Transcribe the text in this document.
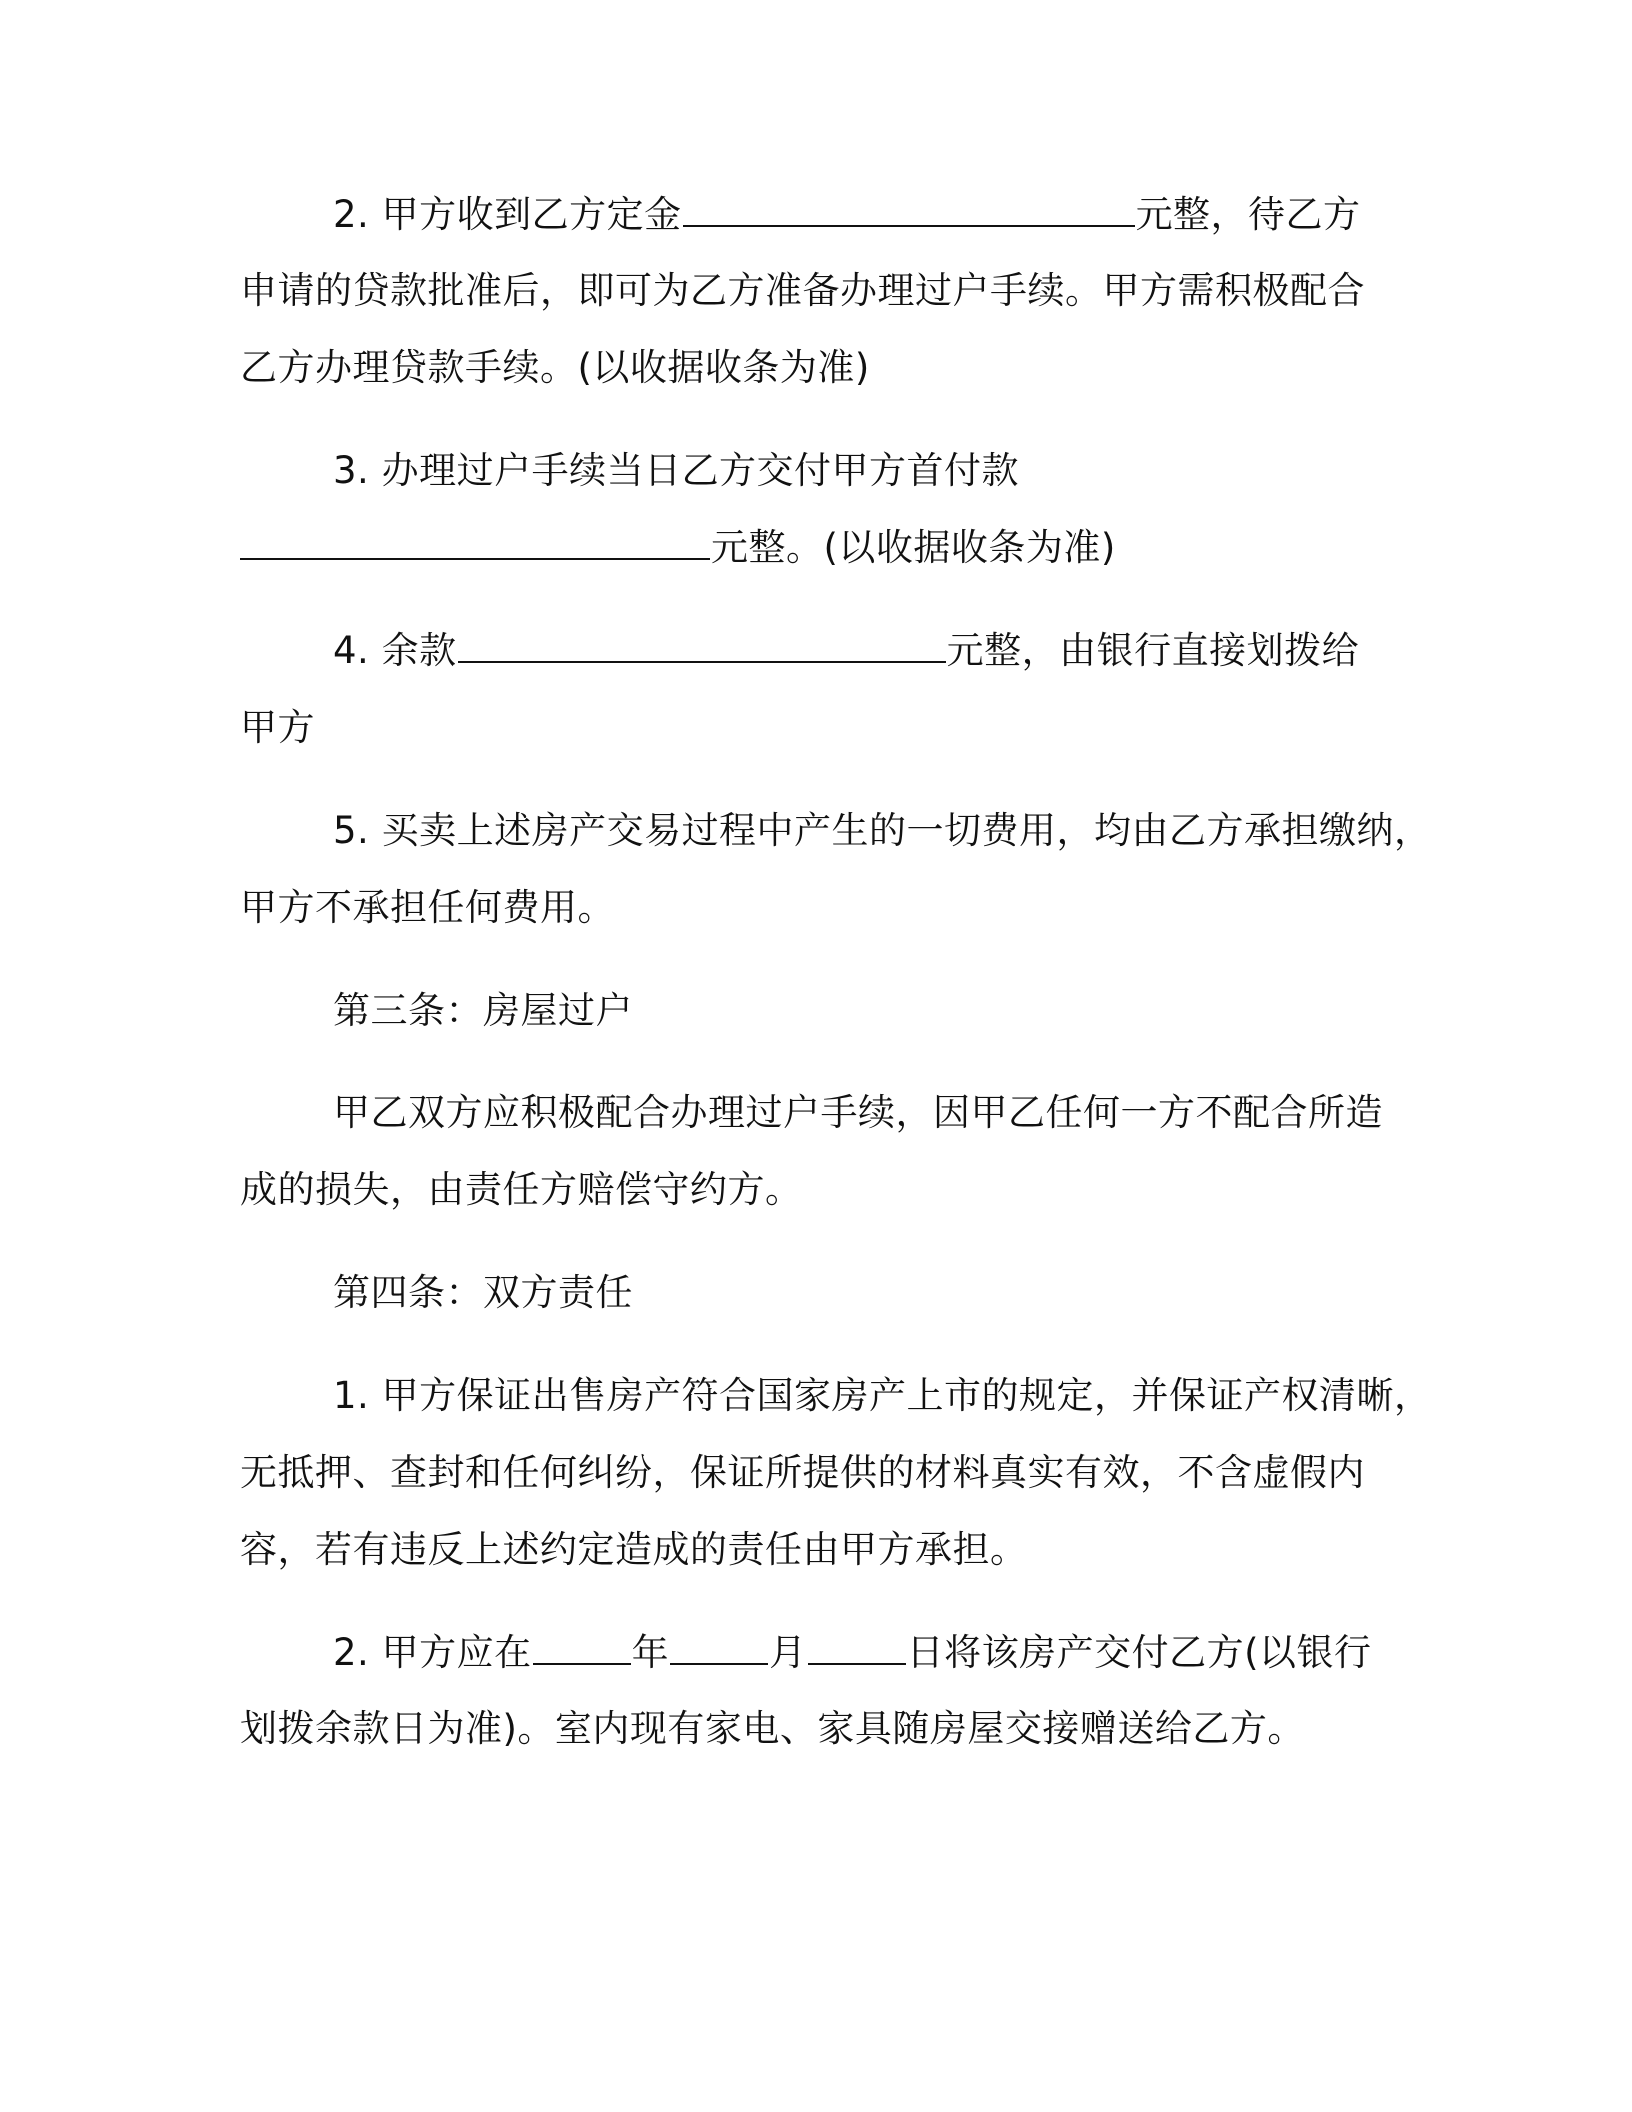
2. 甲方收到乙方定金	元整，待乙方
申请的贷款批准后，即可为乙方准备办理过户手续。甲方需积极配合
乙方办理贷款手续。(以收据收条为准)
3. 办理过户手续当日乙方交付甲方首付款
元整。(以收据收条为准)
4. 余款	元整，由银行直接划拨给
甲方
5. 买卖上述房产交易过程中产生的一切费用，均由乙方承担缴纳，
甲方不承担任何费用。
第三条：房屋过户
甲乙双方应积极配合办理过户手续，因甲乙任何一方不配合所造
成的损失，由责任方赔偿守约方。
第四条：双方责任
1. 甲方保证出售房产符合国家房产上市的规定，并保证产权清晰，
无抵押、查封和任何纠纷，保证所提供的材料真实有效，不含虚假内
容，若有违反上述约定造成的责任由甲方承担。
2. 甲方应在	年	月	日将该房产交付乙方(以银行
划拨余款日为准)。室内现有家电、家具随房屋交接赠送给乙方。
